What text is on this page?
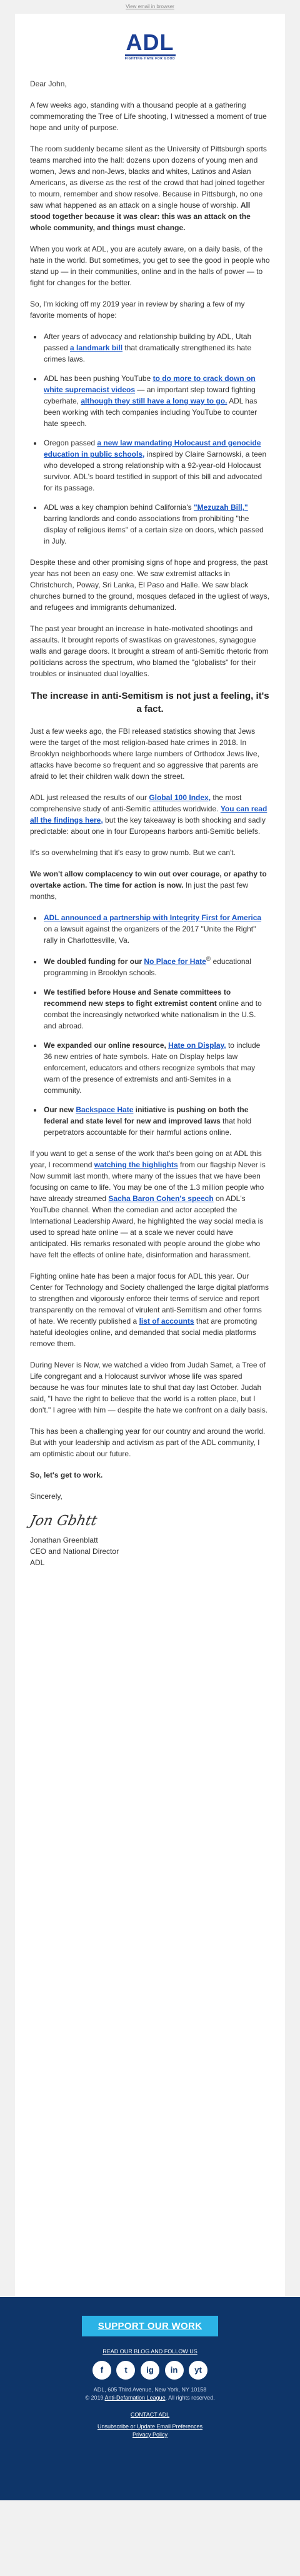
View email in browser
ADL
FIGHTING HATE FOR GOOD

Dear John,

A few weeks ago, standing with a thousand people at a gathering commemorating the Tree of Life shooting, I witnessed a moment of true hope and unity of purpose.

The room suddenly became silent as the University of Pittsburgh sports teams marched into the hall: dozens upon dozens of young men and women, Jews and non-Jews, blacks and whites, Latinos and Asian Americans, as diverse as the rest of the crowd that had joined together to mourn, remember and show resolve. Because in Pittsburgh, no one saw what happened as an attack on a single house of worship. All stood together because it was clear: this was an attack on the whole community, and things must change.

When you work at ADL, you are acutely aware, on a daily basis, of the hate in the world. But sometimes, you get to see the good in people who stand up — in their communities, online and in the halls of power — to fight for changes for the better.

So, I'm kicking off my 2019 year in review by sharing a few of my favorite moments of hope:

• After years of advocacy and relationship building by ADL, Utah passed a landmark bill that dramatically strengthened its hate crimes laws.
• ADL has been pushing YouTube to do more to crack down on white supremacist videos — an important step toward fighting cyberhate, although they still have a long way to go. ADL has been working with tech companies including YouTube to counter hate speech.
• Oregon passed a new law mandating Holocaust and genocide education in public schools, inspired by Claire Sarnowski, a teen who developed a strong relationship with a 92-year-old Holocaust survivor. ADL's board testified in support of this bill and advocated for its passage.
• ADL was a key champion behind California's "Mezuzah Bill," barring landlords and condo associations from prohibiting "the display of religious items" of a certain size on doors, which passed in July.

Despite these and other promising signs of hope and progress, the past year has not been an easy one. We saw extremist attacks in Christchurch, Poway, Sri Lanka, El Paso and Halle. We saw black churches burned to the ground, mosques defaced in the ugliest of ways, and refugees and immigrants dehumanized.

The past year brought an increase in hate-motivated shootings and assaults. It brought reports of swastikas on gravestones, synagogue walls and garage doors. It brought a stream of anti-Semitic rhetoric from politicians across the spectrum, who blamed the "globalists" for their troubles or insinuated dual loyalties.

The increase in anti-Semitism is not just a feeling, it's a fact.

Just a few weeks ago, the FBI released statistics showing that Jews were the target of the most religion-based hate crimes in 2018. In Brooklyn neighborhoods where large numbers of Orthodox Jews live, attacks have become so frequent and so aggressive that parents are afraid to let their children walk down the street.

ADL just released the results of our Global 100 Index, the most comprehensive study of anti-Semitic attitudes worldwide. You can read all the findings here, but the key takeaway is both shocking and sadly predictable: about one in four Europeans harbors anti-Semitic beliefs.

It's so overwhelming that it's easy to grow numb. But we can't.

We won't allow complacency to win out over courage, or apathy to overtake action. The time for action is now. In just the past few months,

• ADL announced a partnership with Integrity First for America on a lawsuit against the organizers of the 2017 "Unite the Right" rally in Charlottesville, Va.
• We doubled funding for our No Place for Hate® educational programming in Brooklyn schools.
• We testified before House and Senate committees to recommend new steps to fight extremist content online and to combat the increasingly networked white nationalism in the U.S. and abroad.
• We expanded our online resource, Hate on Display, to include 36 new entries of hate symbols. Hate on Display helps law enforcement, educators and others recognize symbols that may warn of the presence of extremists and anti-Semites in a community.
• Our new Backspace Hate initiative is pushing on both the federal and state level for new and improved laws that hold perpetrators accountable for their harmful actions online.

If you want to get a sense of the work that's been going on at ADL this year, I recommend watching the highlights from our flagship Never is Now summit last month, where many of the issues that we have been focusing on came to life. You may be one of the 1.3 million people who have already streamed Sacha Baron Cohen's speech on ADL's YouTube channel. When the comedian and actor accepted the International Leadership Award, he highlighted the way social media is used to spread hate online — at a scale we never could have anticipated. His remarks resonated with people around the globe who have felt the effects of online hate, disinformation and harassment.

Fighting online hate has been a major focus for ADL this year. Our Center for Technology and Society challenged the large digital platforms to strengthen and vigorously enforce their terms of service and report transparently on the removal of virulent anti-Semitism and other forms of hate. We recently published a list of accounts that are promoting hateful ideologies online, and demanded that social media platforms remove them.

During Never is Now, we watched a video from Judah Samet, a Tree of Life congregant and a Holocaust survivor whose life was spared because he was four minutes late to shul that day last October. Judah said, "I have the right to believe that the world is a rotten place, but I don't." I agree with him — despite the hate we confront on a daily basis.

This has been a challenging year for our country and around the world. But with your leadership and activism as part of the ADL community, I am optimistic about our future.

So, let's get to work.

Sincerely,

Jon Gbhtt
Jonathan Greenblatt
CEO and National Director
ADL
SUPPORT OUR WORK
READ OUR BLOG AND FOLLOW US
f	t ig in yt
ADL, 605 Third Avenue, New York, NY 10158
© 2019 Anti-Defamation League. All rights reserved.
CONTACT ADL
Unsubscribe or Update Email Preferences
Privacy Policy
